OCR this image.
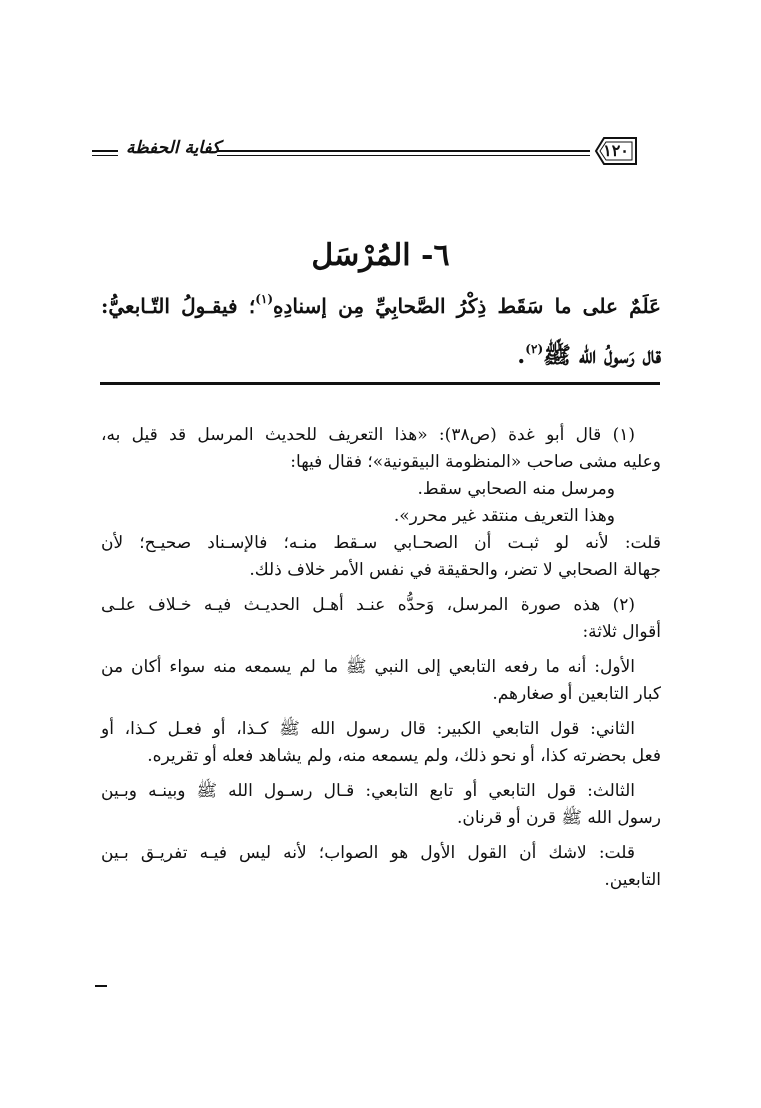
كفاية الحفظة	١٢٠
٦- المُرْسَل
عَلَمٌ على ما سَقَط ذِكْرُ الصَّحابِيِّ مِن إسنادِهِ$^{(١)}$؛ فيقـولُ التّـابعيُّ:
قال رَسولُ الله ﷺ$^{(٢)}$.
(١) قال أبو غدة (ص٣٨): «هذا التعريف للحديث المرسل قد قيل به،
وعليه مشى صاحب «المنظومة البيقونية»؛ فقال فيها:
ومرسل منه الصحابي سقط.
وهذا التعريف منتقد غير محرر».
قلت: لأنه لو ثبـت أن الصحـابي سـقط منـه؛ فالإسـناد صحيـح؛ لأن
جهالة الصحابي لا تضر، والحقيقة في نفس الأمر خلاف ذلك.
(٢) هذه صورة المرسل، وَحدُّه عنـد أهـل الحديـث فيـه خـلاف علـى
أقوال ثلاثة:
الأول: أنه ما رفعه التابعي إلى النبي ﷺ ما لم يسمعه منه سواء أكان من
كبار التابعين أو صغارهم.
الثاني: قول التابعي الكبير: قال رسول الله ﷺ كـذا، أو فعـل كـذا، أو
فعل بحضرته كذا، أو نحو ذلك، ولم يسمعه منه، ولم يشاهد فعله أو تقريره.
الثالث: قول التابعي أو تابع التابعي: قـال رسـول الله ﷺ وبينـه وبـين
رسول الله ﷺ قرن أو قرنان.
قلت: لاشك أن القول الأول هو الصواب؛ لأنه ليس فيـه تفريـق بـين
التابعين.
